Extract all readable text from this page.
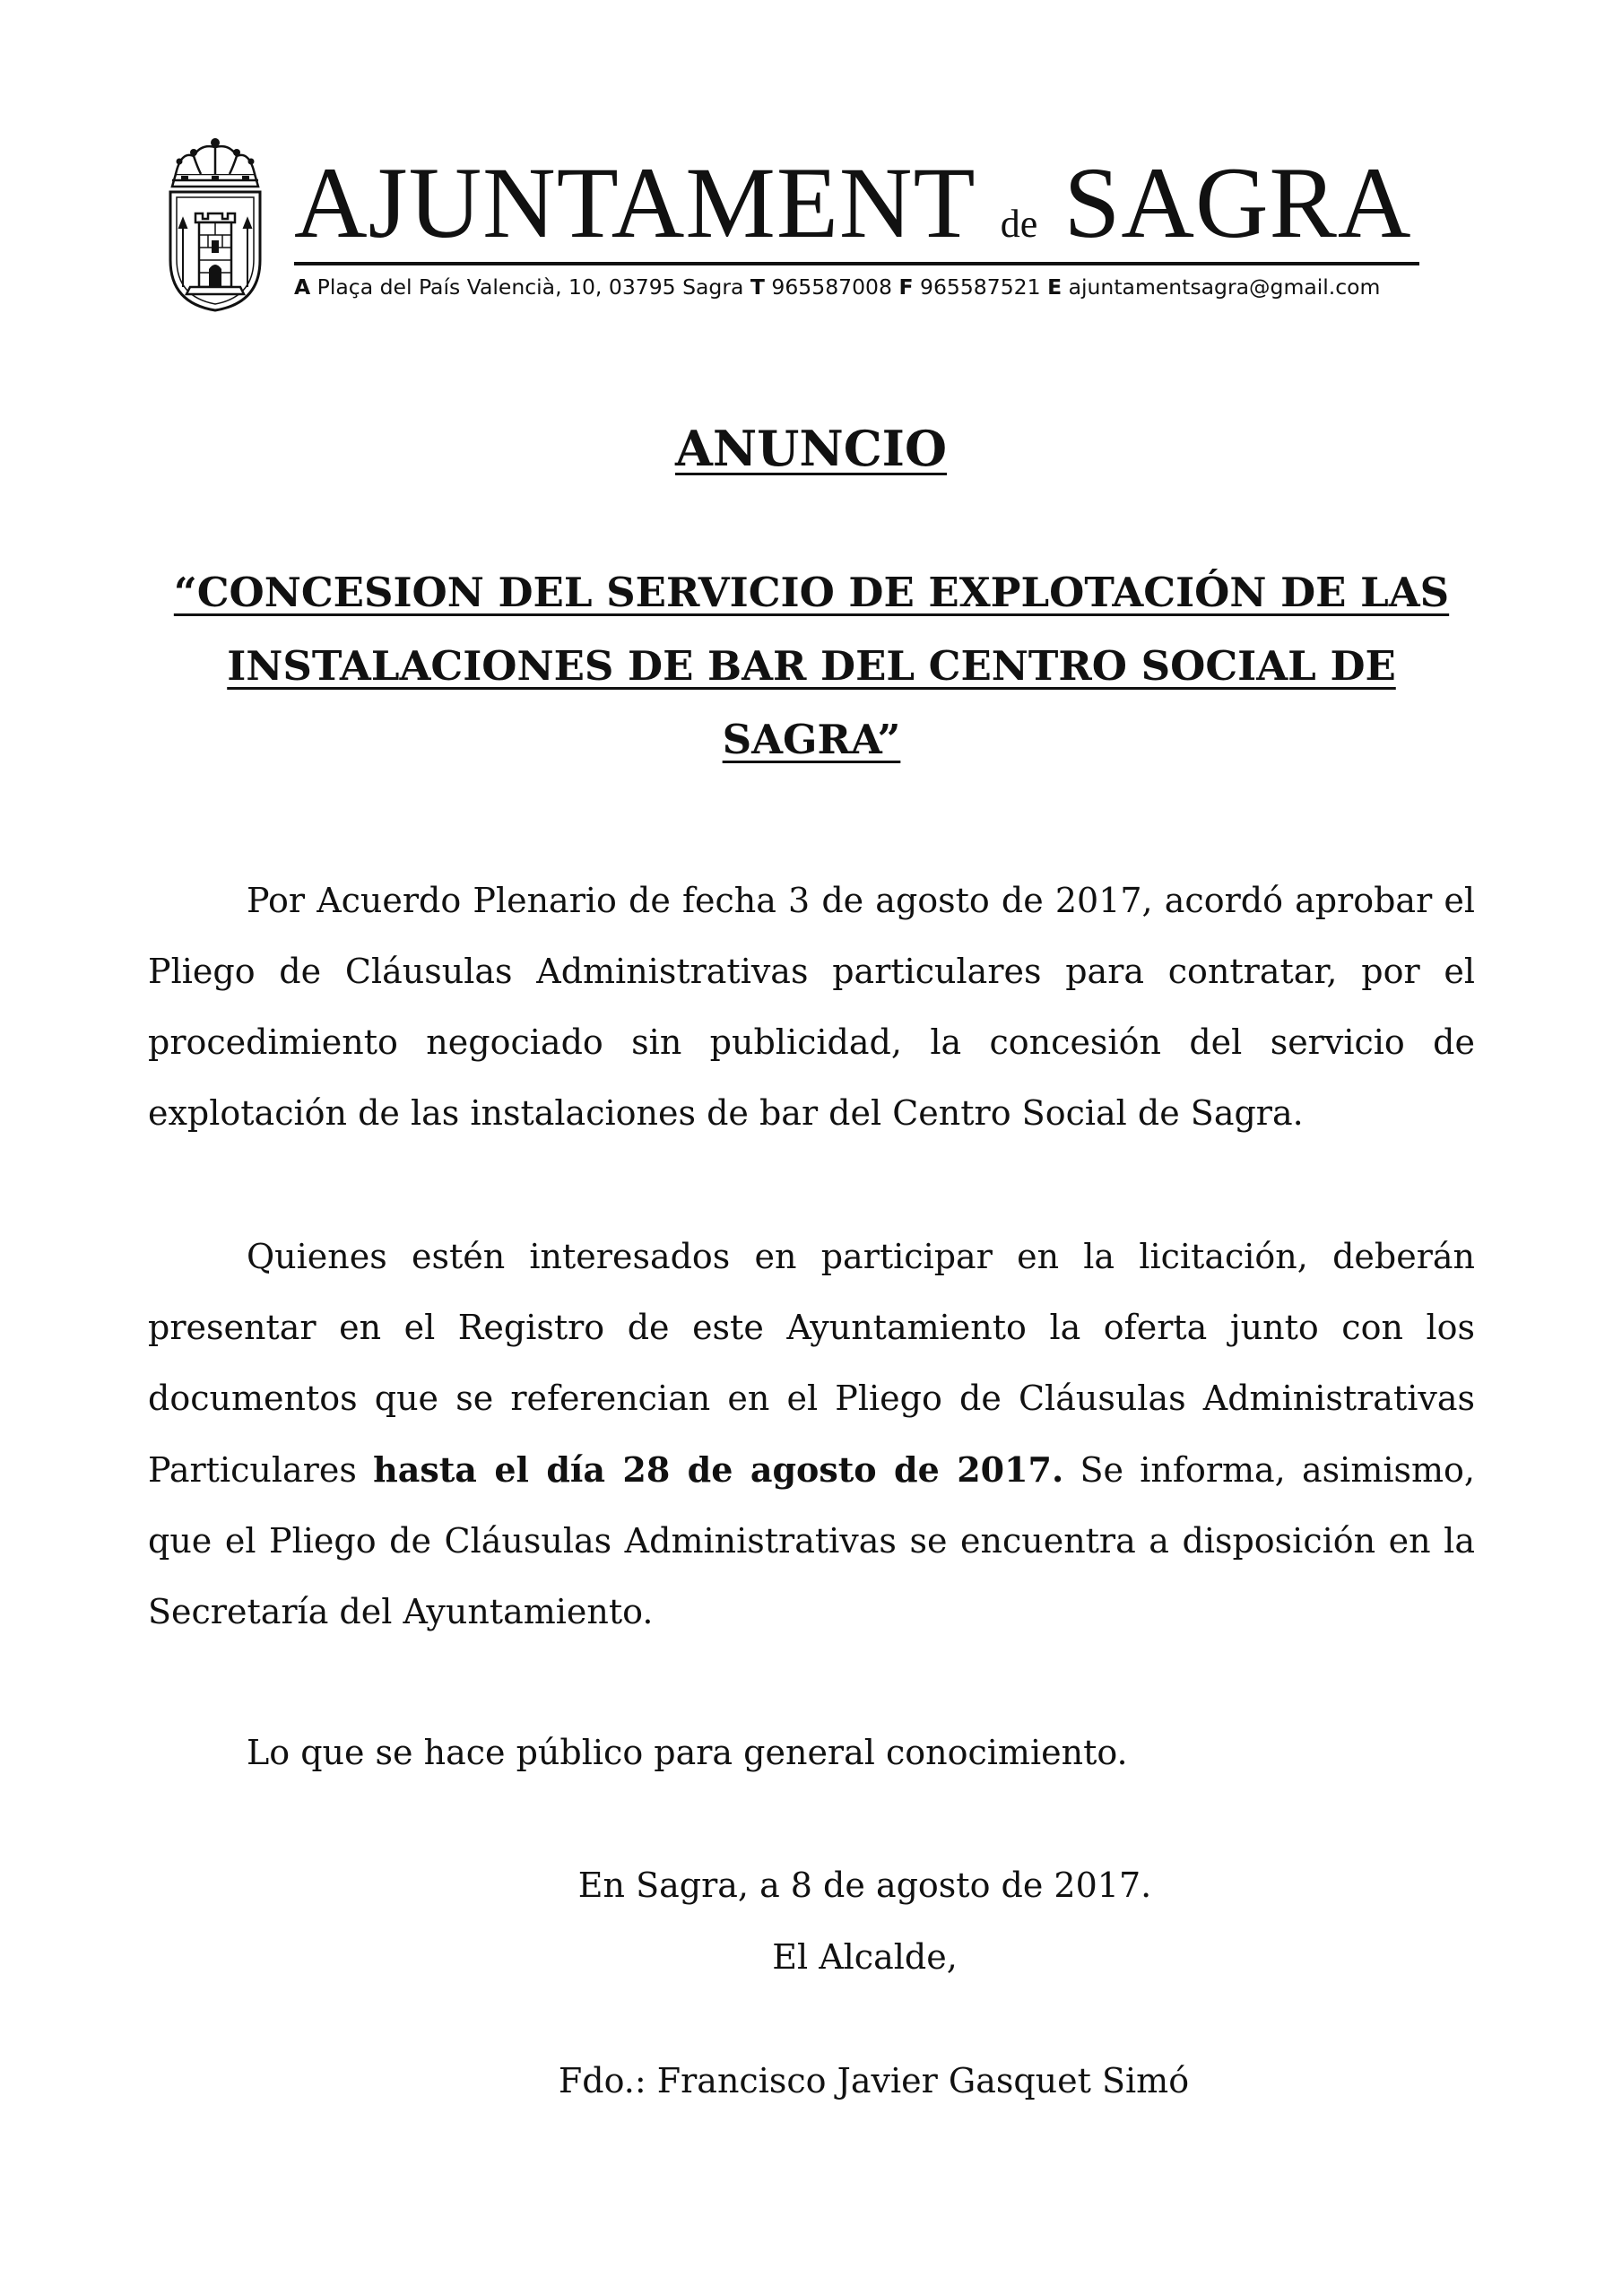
AJUNTAMENT de SAGRA
A Plaça del País Valencià, 10, 03795 Sagra T 965587008 F 965587521 E ajuntamentsagra@gmail.com
ANUNCIO
“CONCESION DEL SERVICIO DE EXPLOTACIÓN DE LAS INSTALACIONES DE BAR DEL CENTRO SOCIAL DE SAGRA”

Por Acuerdo Plenario de fecha 3 de agosto de 2017, acordó aprobar el Pliego de Cláusulas Administrativas particulares para contratar, por el procedimiento negociado sin publicidad, la concesión del servicio de explotación de las instalaciones de bar del Centro Social de Sagra.

Quienes estén interesados en participar en la licitación, deberán presentar en el Registro de este Ayuntamiento la oferta junto con los documentos que se referencian en el Pliego de Cláusulas Administrativas Particulares hasta el día 28 de agosto de 2017. Se informa, asimismo, que el Pliego de Cláusulas Administrativas se encuentra a disposición en la Secretaría del Ayuntamiento.

Lo que se hace público para general conocimiento.

En Sagra, a 8 de agosto de 2017.

El Alcalde,

Fdo.: Francisco Javier Gasquet Simó
